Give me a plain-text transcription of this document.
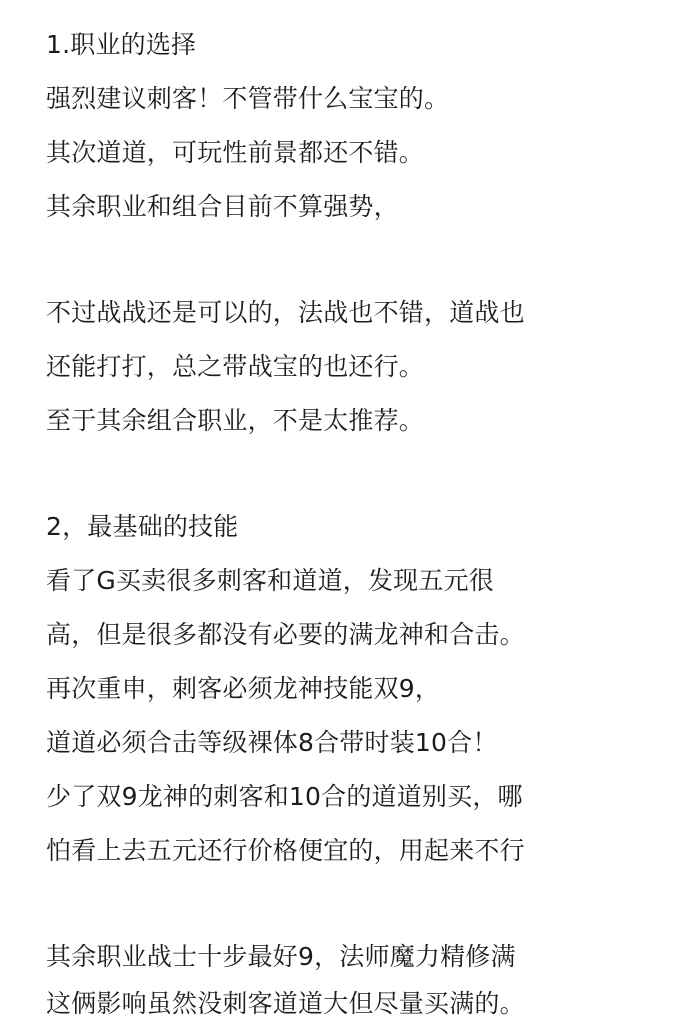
1.职业的选择
强烈建议刺客！不管带什么宝宝的。
其次道道，可玩性前景都还不错。
其余职业和组合目前不算强势，
不过战战还是可以的，法战也不错，道战也
还能打打，总之带战宝的也还行。
至于其余组合职业，不是太推荐。
2，最基础的技能
看了G买卖很多刺客和道道，发现五元很
高，但是很多都没有必要的满龙神和合击。
再次重申，刺客必须龙神技能双9，
道道必须合击等级裸体8合带时装10合！
少了双9龙神的刺客和10合的道道别买，哪
怕看上去五元还行价格便宜的，用起来不行
其余职业战士十步最好9，法师魔力精修满
这俩影响虽然没刺客道道大但尽量买满的。
